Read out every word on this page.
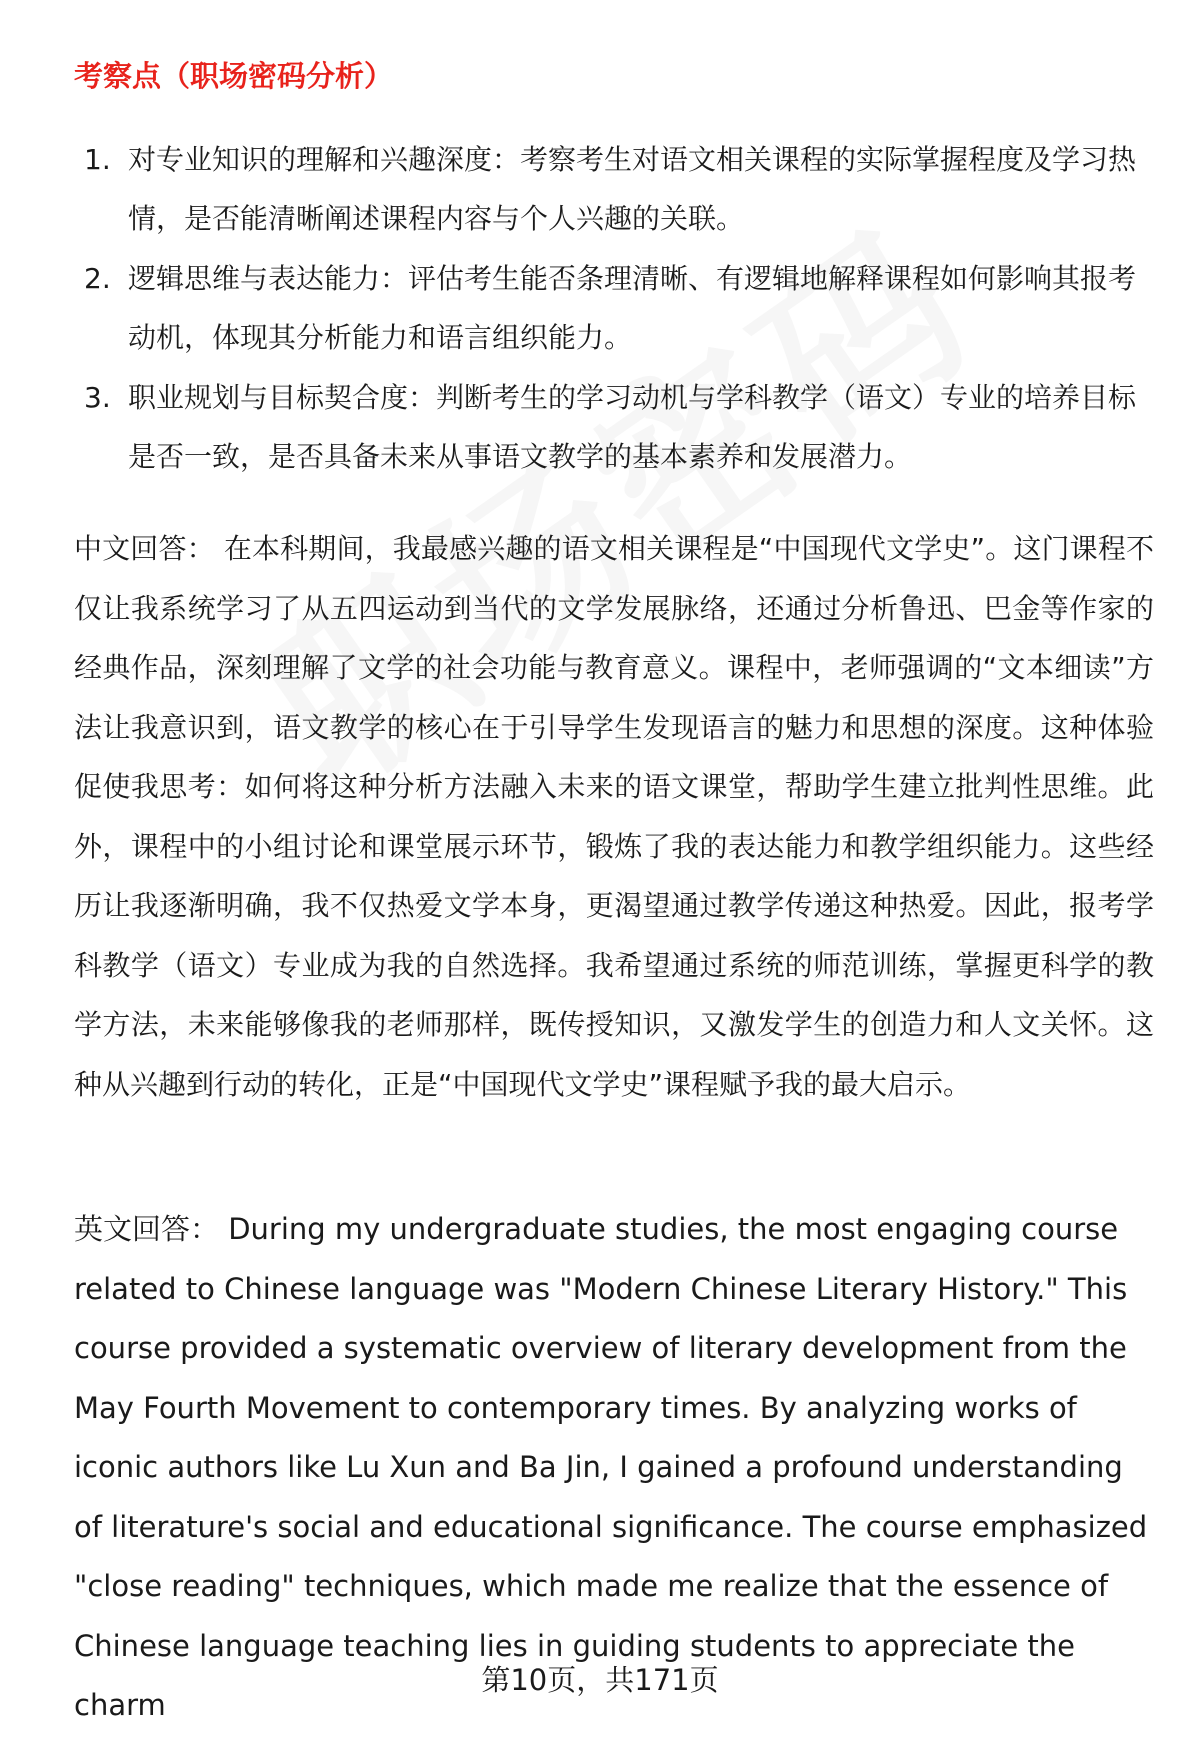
考察点（职场密码分析）
1. 对专业知识的理解和兴趣深度：考察考生对语文相关课程的实际掌握程度及学习热情，是否能清晰阐述课程内容与个人兴趣的关联。
2. 逻辑思维与表达能力：评估考生能否条理清晰、有逻辑地解释课程如何影响其报考动机，体现其分析能力和语言组织能力。
3. 职业规划与目标契合度：判断考生的学习动机与学科教学（语文）专业的培养目标是否一致，是否具备未来从事语文教学的基本素养和发展潜力。
中文回答： 在本科期间，我最感兴趣的语文相关课程是“中国现代文学史”。这门课程不仅让我系统学习了从五四运动到当代的文学发展脉络，还通过分析鲁迅、巴金等作家的经典作品，深刻理解了文学的社会功能与教育意义。课程中，老师强调的“文本细读”方法让我意识到，语文教学的核心在于引导学生发现语言的魅力和思想的深度。这种体验促使我思考：如何将这种分析方法融入未来的语文课堂，帮助学生建立批判性思维。此外，课程中的小组讨论和课堂展示环节，锻炼了我的表达能力和教学组织能力。这些经历让我逐渐明确，我不仅热爱文学本身，更渴望通过教学传递这种热爱。因此，报考学科教学（语文）专业成为我的自然选择。我希望通过系统的师范训练，掌握更科学的教学方法，未来能够像我的老师那样，既传授知识，又激发学生的创造力和人文关怀。这种从兴趣到行动的转化，正是“中国现代文学史”课程赋予我的最大启示。
英文回答： During my undergraduate studies, the most engaging course related to Chinese language was "Modern Chinese Literary History." This course provided a systematic overview of literary development from the May Fourth Movement to contemporary times. By analyzing works of iconic authors like Lu Xun and Ba Jin, I gained a profound understanding of literature's social and educational significance. The course emphasized "close reading" techniques, which made me realize that the essence of Chinese language teaching lies in guiding students to appreciate the charm
第10页，共171页
